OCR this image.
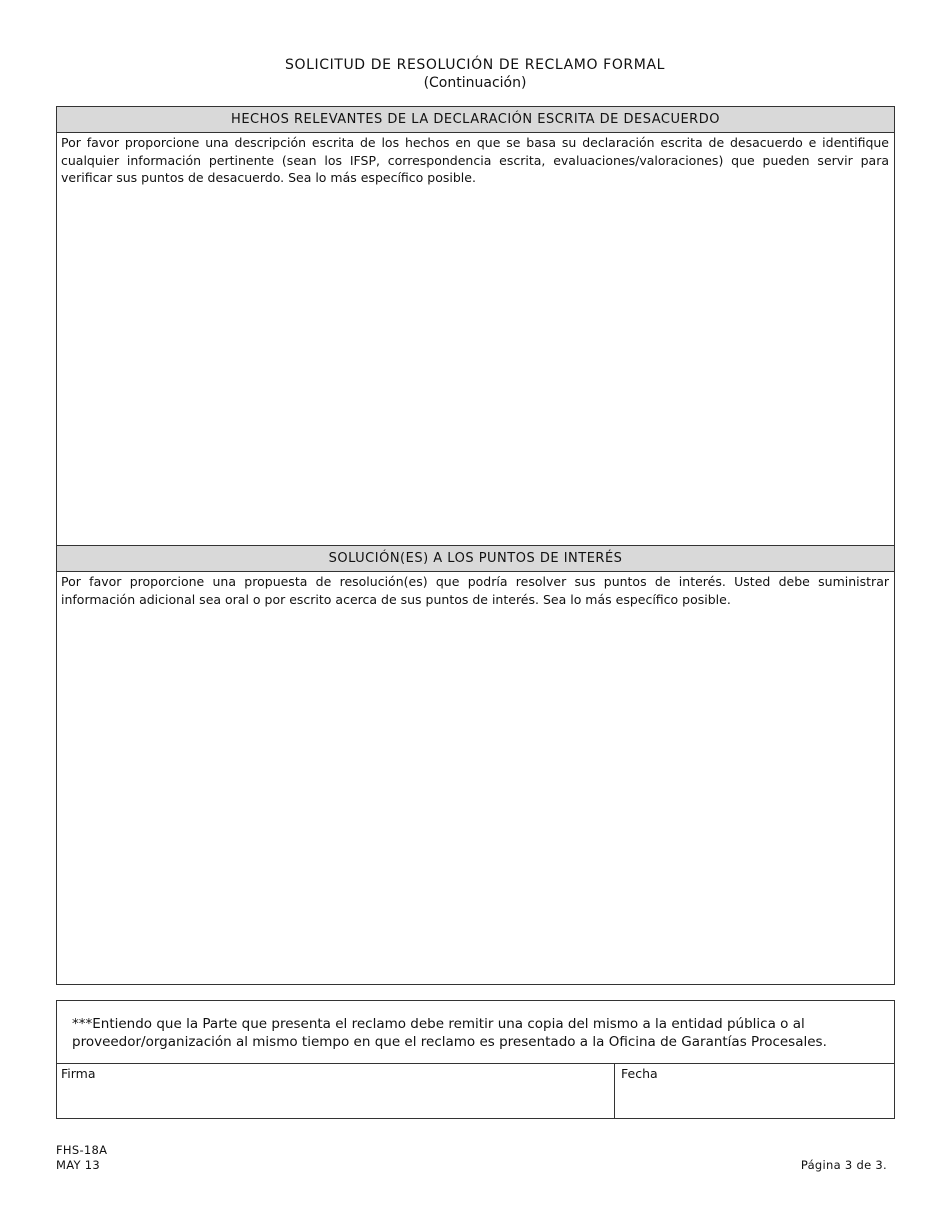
SOLICITUD DE RESOLUCIÓN DE RECLAMO FORMAL
(Continuación)
HECHOS RELEVANTES DE LA DECLARACIÓN ESCRITA DE DESACUERDO
Por favor proporcione una descripción escrita de los hechos en que se basa su declaración escrita de desacuerdo e identifique cualquier información pertinente (sean los IFSP, correspondencia escrita, evaluaciones/valoraciones) que pueden servir para verificar sus puntos de desacuerdo. Sea lo más específico posible.
SOLUCIÓN(ES) A LOS PUNTOS DE INTERÉS
Por favor proporcione una propuesta de resolución(es) que podría resolver sus puntos de interés. Usted debe suministrar información adicional sea oral o por escrito acerca de sus puntos de interés. Sea lo más específico posible.
***Entiendo que la Parte que presenta el reclamo debe remitir una copia del mismo a la entidad pública o al proveedor/organización al mismo tiempo en que el reclamo es presentado a la Oficina de Garantías Procesales.
Firma	Fecha
FHS-18A
MAY 13	Página 3 de 3.
